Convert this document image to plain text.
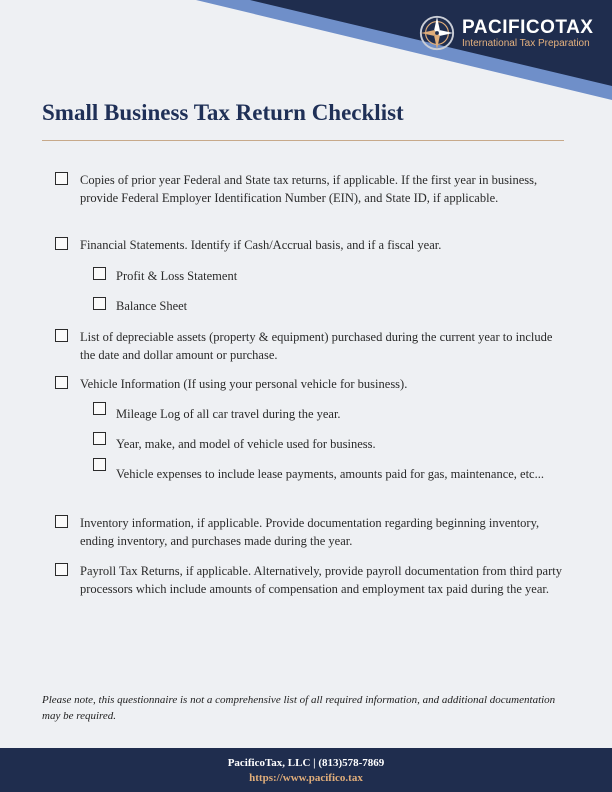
PACIFICOTAX
International Tax Preparation
Small Business Tax Return Checklist
Copies of prior year Federal and State tax returns, if applicable. If the first year in business, provide Federal Employer Identification Number (EIN), and State ID, if applicable.
Financial Statements. Identify if Cash/Accrual basis, and if a fiscal year.
Profit & Loss Statement
Balance Sheet
List of depreciable assets (property & equipment) purchased during the current year to include the date and dollar amount or purchase.
Vehicle Information (If using your personal vehicle for business).
Mileage Log of all car travel during the year.
Year, make, and model of vehicle used for business.
Vehicle expenses to include lease payments, amounts paid for gas, maintenance, etc...
Inventory information, if applicable. Provide documentation regarding beginning inventory, ending inventory, and purchases made during the year.
Payroll Tax Returns, if applicable. Alternatively, provide payroll documentation from third party processors which include amounts of compensation and employment tax paid during the year.
Please note, this questionnaire is not a comprehensive list of all required information, and additional documentation may be required.
PacificoTax, LLC | (813)578-7869
https://www.pacifico.tax
